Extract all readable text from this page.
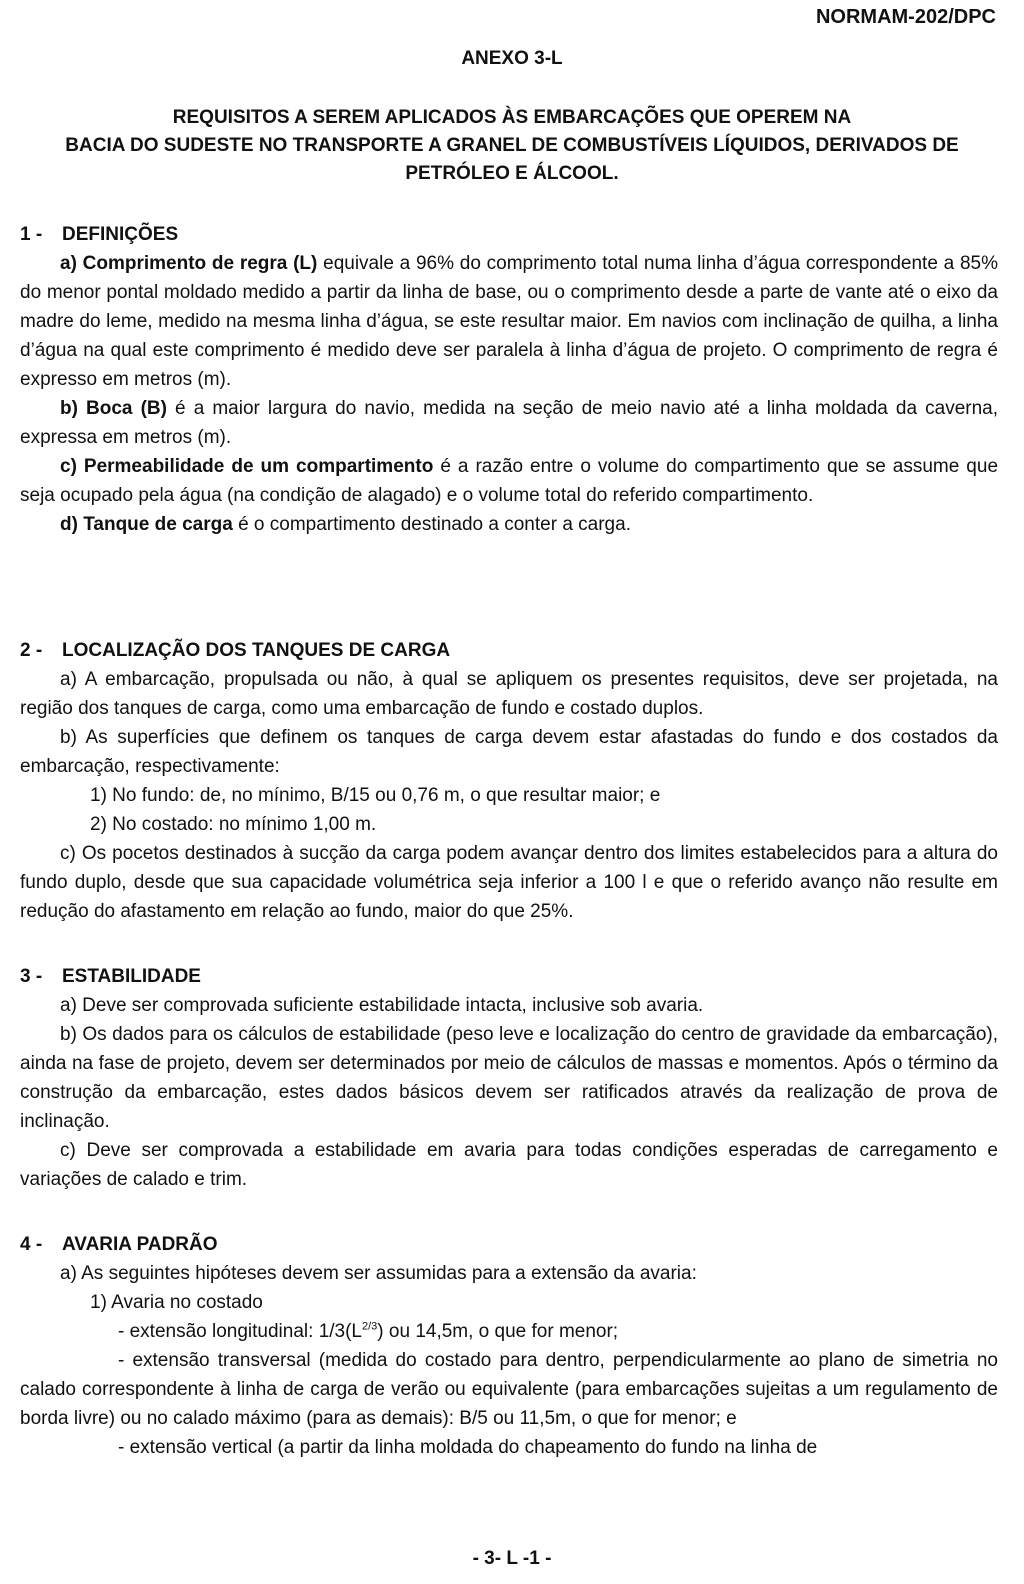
NORMAM-202/DPC
ANEXO 3-L
REQUISITOS A SEREM APLICADOS ÀS EMBARCAÇÕES QUE OPEREM NA
BACIA DO SUDESTE NO TRANSPORTE A GRANEL DE COMBUSTÍVEIS LÍQUIDOS, DERIVADOS DE
PETRÓLEO E ÁLCOOL.
1 - DEFINIÇÕES

a) Comprimento de regra (L) equivale a 96% do comprimento total numa linha d’água correspondente a 85% do menor pontal moldado medido a partir da linha de base, ou o comprimento desde a parte de vante até o eixo da madre do leme, medido na mesma linha d’água, se este resultar maior. Em navios com inclinação de quilha, a linha d’água na qual este comprimento é medido deve ser paralela à linha d’água de projeto. O comprimento de regra é expresso em metros (m).

b) Boca (B) é a maior largura do navio, medida na seção de meio navio até a linha moldada da caverna, expressa em metros (m).

c) Permeabilidade de um compartimento é a razão entre o volume do compartimento que se assume que seja ocupado pela água (na condição de alagado) e o volume total do referido compartimento.

d) Tanque de carga é o compartimento destinado a conter a carga.

2 - LOCALIZAÇÃO DOS TANQUES DE CARGA

a) A embarcação, propulsada ou não, à qual se apliquem os presentes requisitos, deve ser projetada, na região dos tanques de carga, como uma embarcação de fundo e costado duplos.

b) As superfícies que definem os tanques de carga devem estar afastadas do fundo e dos costados da embarcação, respectivamente:

1) No fundo: de, no mínimo, B/15 ou 0,76 m, o que resultar maior; e

2) No costado: no mínimo 1,00 m.

c) Os pocetos destinados à sucção da carga podem avançar dentro dos limites estabelecidos para a altura do fundo duplo, desde que sua capacidade volumétrica seja inferior a 100 l e que o referido avanço não resulte em redução do afastamento em relação ao fundo, maior do que 25%.

3 - ESTABILIDADE

a) Deve ser comprovada suficiente estabilidade intacta, inclusive sob avaria.

b) Os dados para os cálculos de estabilidade (peso leve e localização do centro de gravidade da embarcação), ainda na fase de projeto, devem ser determinados por meio de cálculos de massas e momentos. Após o término da construção da embarcação, estes dados básicos devem ser ratificados através da realização de prova de inclinação.

c) Deve ser comprovada a estabilidade em avaria para todas condições esperadas de carregamento e variações de calado e trim.

4 - AVARIA PADRÃO

a) As seguintes hipóteses devem ser assumidas para a extensão da avaria:

1) Avaria no costado

- extensão longitudinal: $1/3(L^{2/3})$ ou 14,5m, o que for menor;

- extensão transversal (medida do costado para dentro, perpendicularmente ao plano de simetria no calado correspondente à linha de carga de verão ou equivalente (para embarcações sujeitas a um regulamento de borda livre) ou no calado máximo (para as demais): B/5 ou 11,5m, o que for menor; e

- extensão vertical (a partir da linha moldada do chapeamento do fundo na linha de

- 3- L -1 -
